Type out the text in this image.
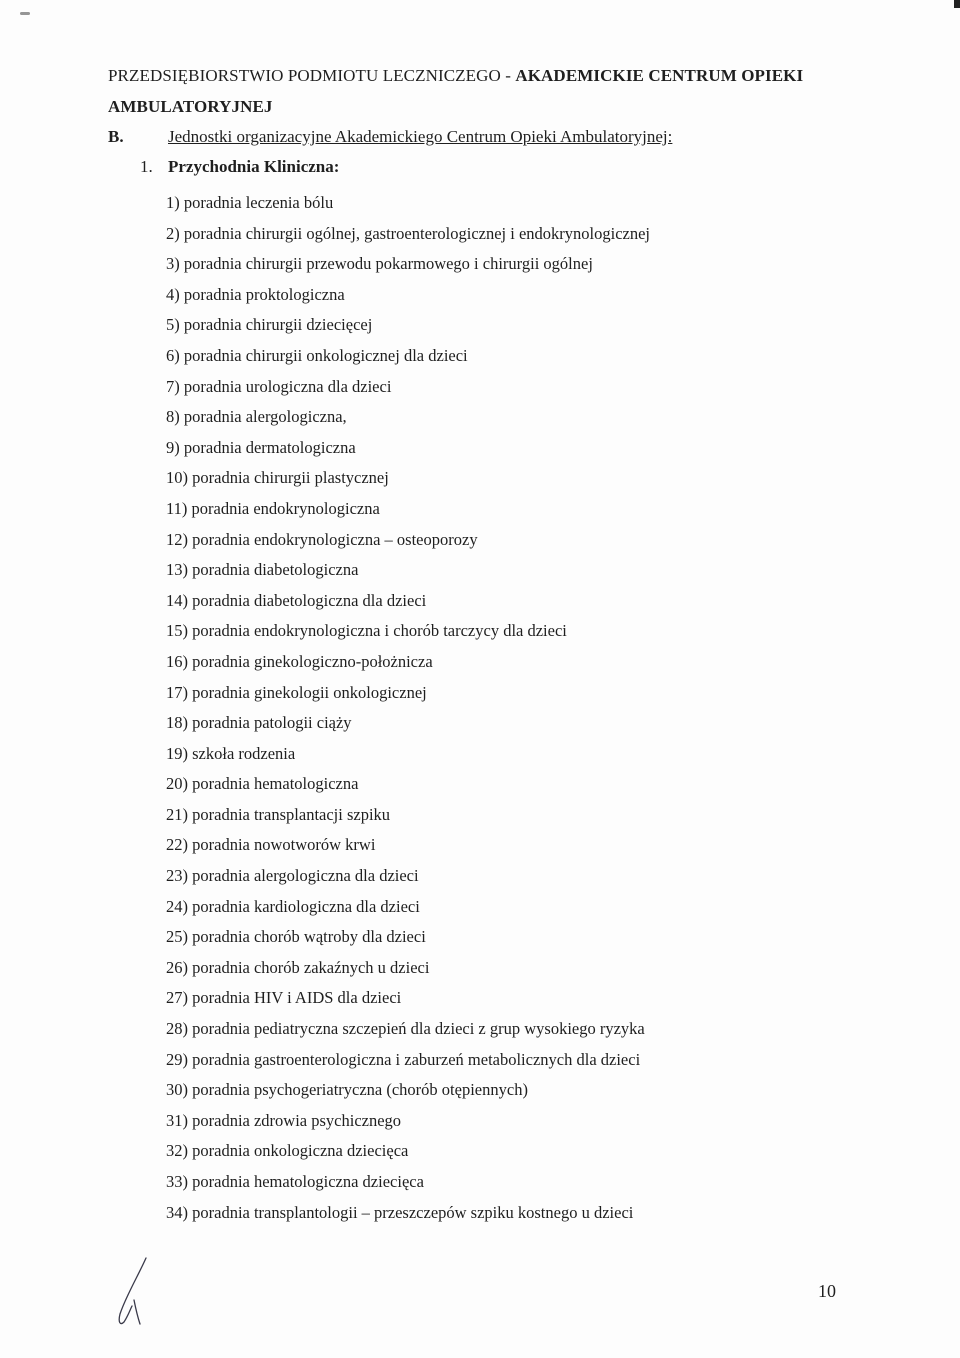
PRZEDSIĘBIORSTWIO PODMIOTU LECZNICZEGO - AKADEMICKIE CENTRUM OPIEKI
AMBULATORYJNEJ
B.	Jednostki organizacyjne Akademickiego Centrum Opieki Ambulatoryjnej:
1. Przychodnia Kliniczna:
1) poradnia leczenia bólu
2) poradnia chirurgii ogólnej, gastroenterologicznej i endokrynologicznej
3) poradnia chirurgii przewodu pokarmowego i chirurgii ogólnej
4) poradnia proktologiczna
5) poradnia chirurgii dziecięcej
6) poradnia chirurgii onkologicznej dla dzieci
7) poradnia urologiczna dla dzieci
8) poradnia alergologiczna,
9) poradnia dermatologiczna
10) poradnia chirurgii plastycznej
11) poradnia endokrynologiczna
12) poradnia endokrynologiczna – osteoporozy
13) poradnia diabetologiczna
14) poradnia diabetologiczna dla dzieci
15) poradnia endokrynologiczna i chorób tarczycy dla dzieci
16) poradnia ginekologiczno-położnicza
17) poradnia ginekologii onkologicznej
18) poradnia patologii ciąży
19) szkoła rodzenia
20) poradnia hematologiczna
21) poradnia transplantacji szpiku
22) poradnia nowotworów krwi
23) poradnia alergologiczna dla dzieci
24) poradnia kardiologiczna dla dzieci
25) poradnia chorób wątroby dla dzieci
26) poradnia chorób zakaźnych u dzieci
27) poradnia HIV i AIDS dla dzieci
28) poradnia pediatryczna szczepień dla dzieci z grup wysokiego ryzyka
29) poradnia gastroenterologiczna i zaburzeń metabolicznych dla dzieci
30) poradnia psychogeriatryczna (chorób otępiennych)
31) poradnia zdrowia psychicznego
32) poradnia onkologiczna dziecięca
33) poradnia hematologiczna dziecięca
34) poradnia transplantologii – przeszczepów szpiku kostnego u dzieci
10
